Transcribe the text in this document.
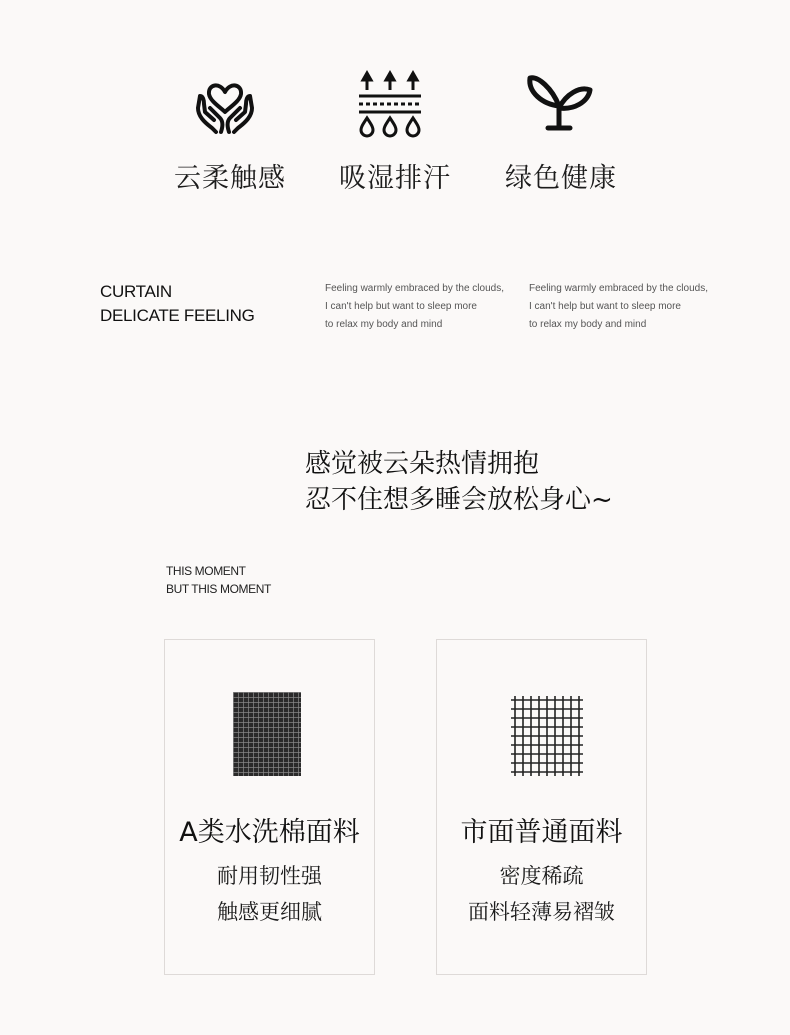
云柔触感	吸湿排汗	绿色健康
CURTAIN
DELICATE FEELING
Feeling warmly embraced by the clouds,
I can't help but want to sleep more
to relax my body and mind
Feeling warmly embraced by the clouds,
I can't help but want to sleep more
to relax my body and mind
感觉被云朵热情拥抱
忍不住想多睡会放松身心~
THIS MOMENT
BUT THIS MOMENT
A类水洗棉面料
耐用韧性强
触感更细腻
市面普通面料
密度稀疏
面料轻薄易褶皱
